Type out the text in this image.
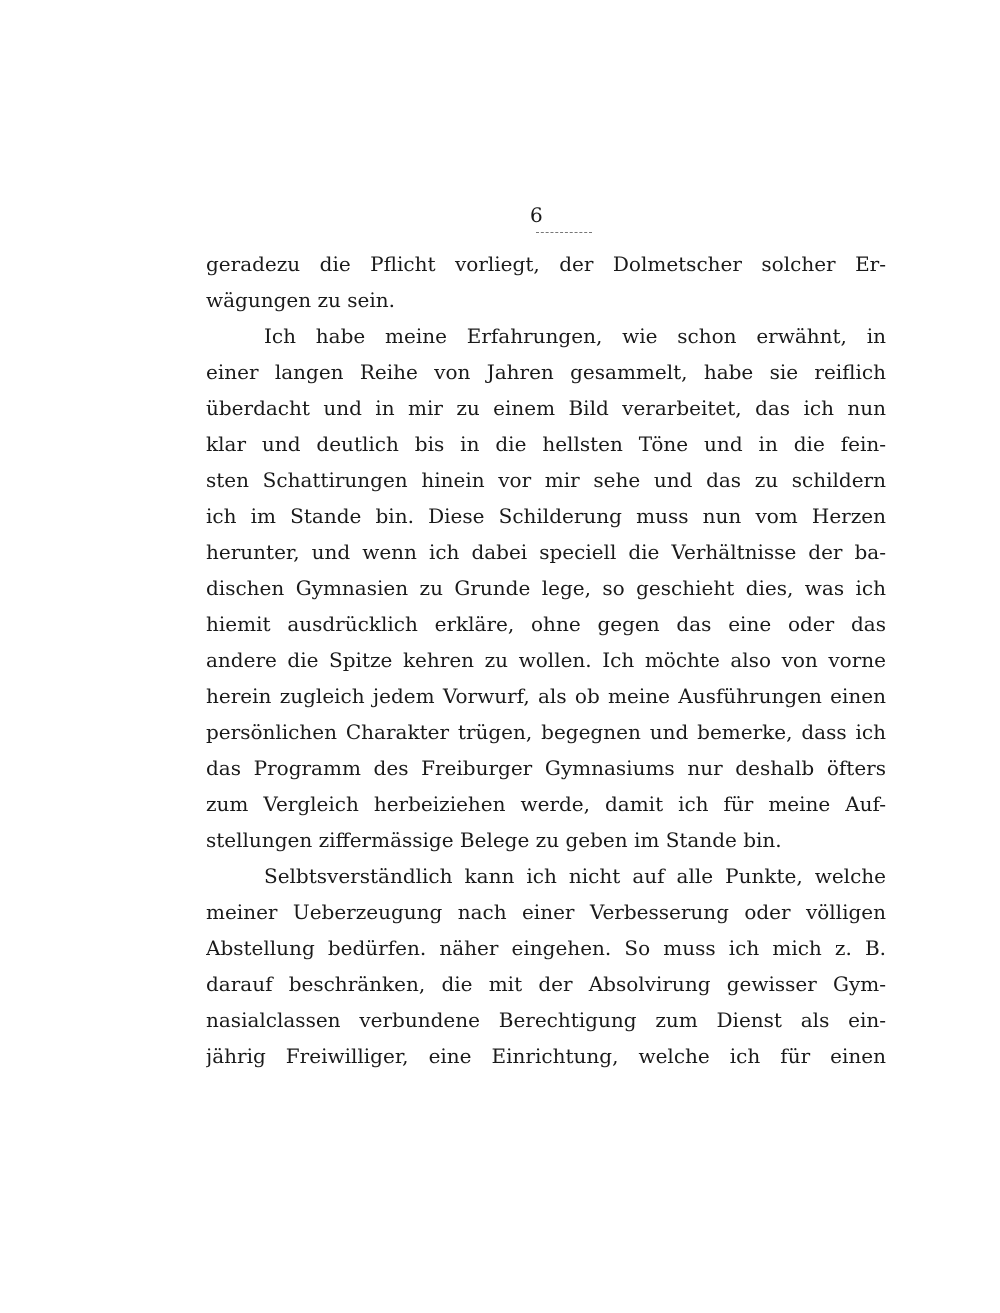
6
geradezu die Pflicht vorliegt, der Dolmetscher solcher Er-
wägungen zu sein.
Ich habe meine Erfahrungen, wie schon erwähnt, in
einer langen Reihe von Jahren gesammelt, habe sie reiflich
überdacht und in mir zu einem Bild verarbeitet, das ich nun
klar und deutlich bis in die hellsten Töne und in die fein-
sten Schattirungen hinein vor mir sehe und das zu schildern
ich im Stande bin. Diese Schilderung muss nun vom Herzen
herunter, und wenn ich dabei speciell die Verhältnisse der ba-
dischen Gymnasien zu Grunde lege, so geschieht dies, was ich
hiemit ausdrücklich erkläre, ohne gegen das eine oder das
andere die Spitze kehren zu wollen. Ich möchte also von vorne
herein zugleich jedem Vorwurf, als ob meine Ausführungen einen
persönlichen Charakter trügen, begegnen und bemerke, dass ich
das Programm des Freiburger Gymnasiums nur deshalb öfters
zum Vergleich herbeiziehen werde, damit ich für meine Auf-
stellungen ziffermässige Belege zu geben im Stande bin.
Selbtsverständlich kann ich nicht auf alle Punkte, welche
meiner Ueberzeugung nach einer Verbesserung oder völligen
Abstellung bedürfen. näher eingehen. So muss ich mich z. B.
darauf beschränken, die mit der Absolvirung gewisser Gym-
nasialclassen verbundene Berechtigung zum Dienst als ein-
jährig Freiwilliger, eine Einrichtung, welche ich für einen
